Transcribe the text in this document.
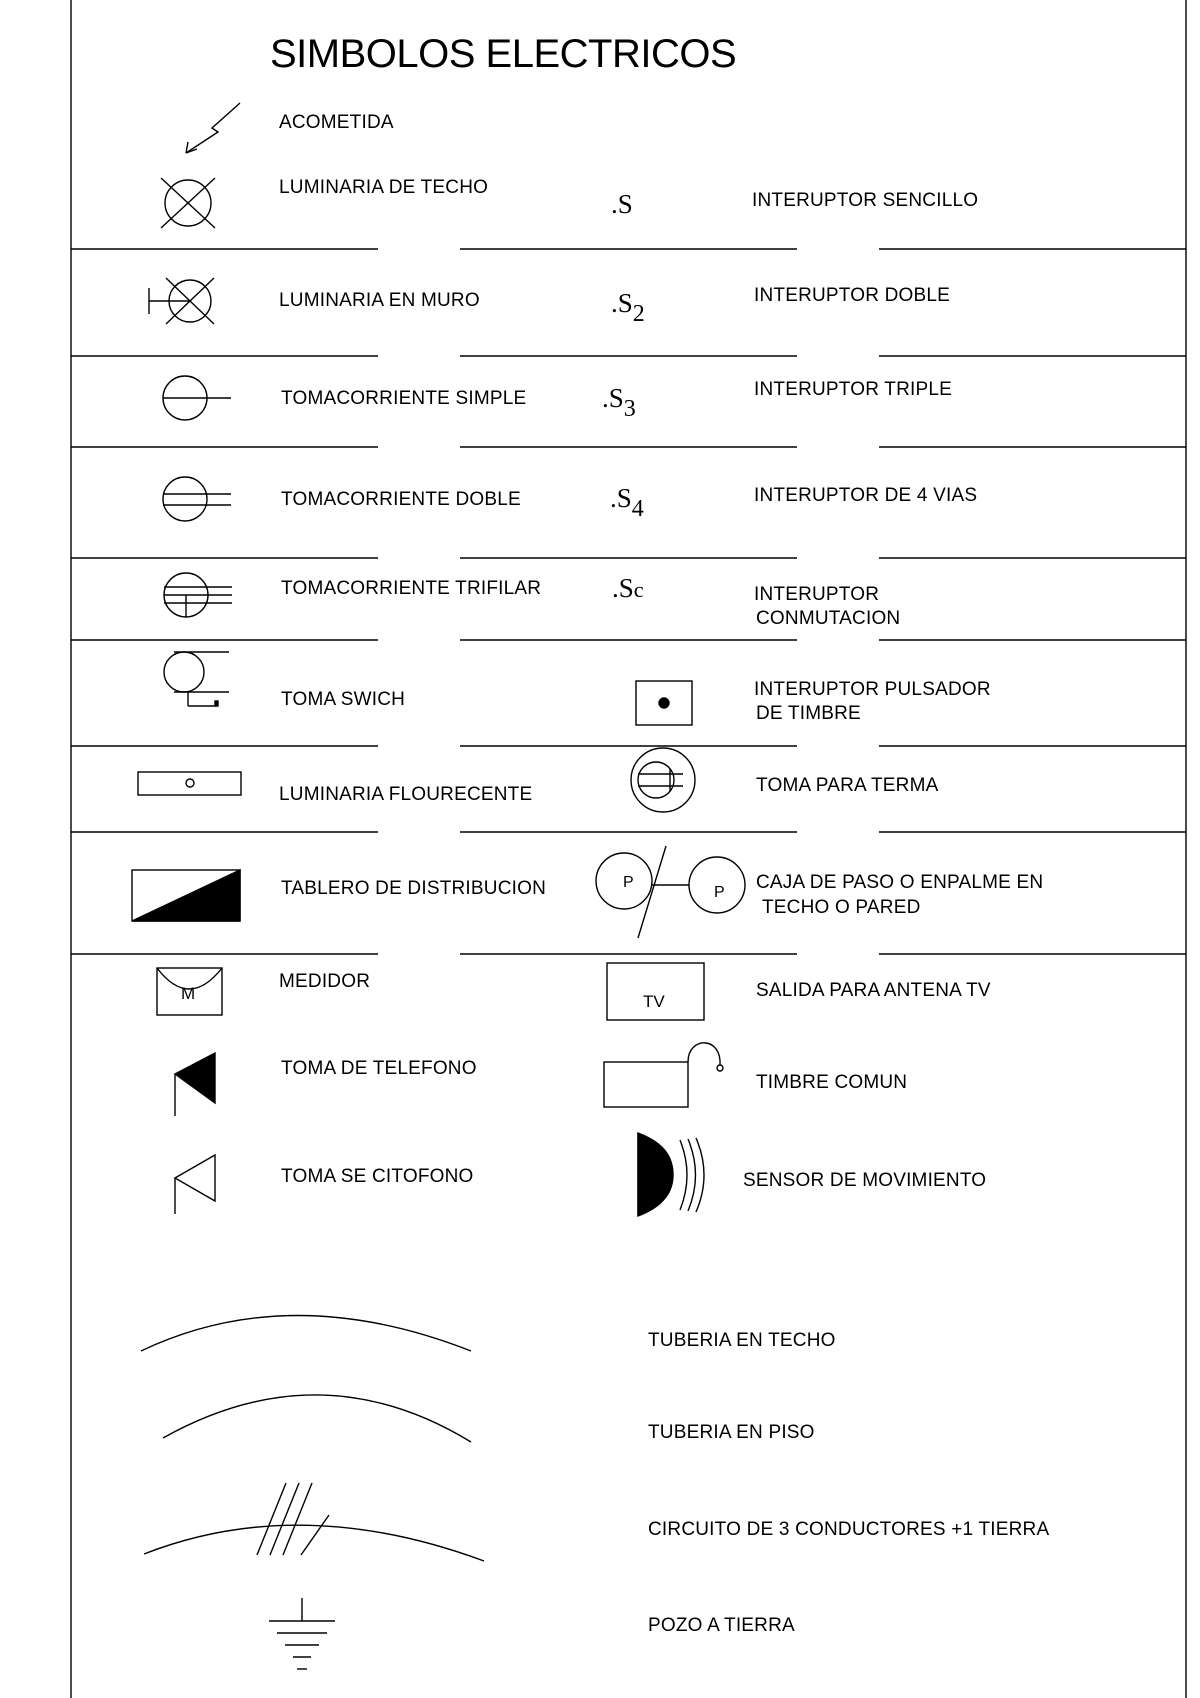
M
P
P
TV
SIMBOLOS ELECTRICOS
.S
$.S_2$
$.S_3$
$.S_4$
.Sc
ACOMETIDA
LUMINARIA DE TECHO
LUMINARIA EN MURO
TOMACORRIENTE SIMPLE
TOMACORRIENTE DOBLE
TOMACORRIENTE TRIFILAR
TOMA SWICH
LUMINARIA FLOURECENTE
TABLERO DE DISTRIBUCION
MEDIDOR
TOMA DE TELEFONO
TOMA SE CITOFONO
INTERUPTOR SENCILLO
INTERUPTOR DOBLE
INTERUPTOR TRIPLE
INTERUPTOR DE 4 VIAS
INTERUPTOR
CONMUTACION
INTERUPTOR PULSADOR
DE TIMBRE
TOMA PARA TERMA
CAJA DE PASO O ENPALME EN
TECHO O PARED
SALIDA PARA ANTENA TV
TIMBRE COMUN
SENSOR DE MOVIMIENTO
TUBERIA EN TECHO
TUBERIA EN PISO
CIRCUITO DE 3 CONDUCTORES +1 TIERRA
POZO A TIERRA
